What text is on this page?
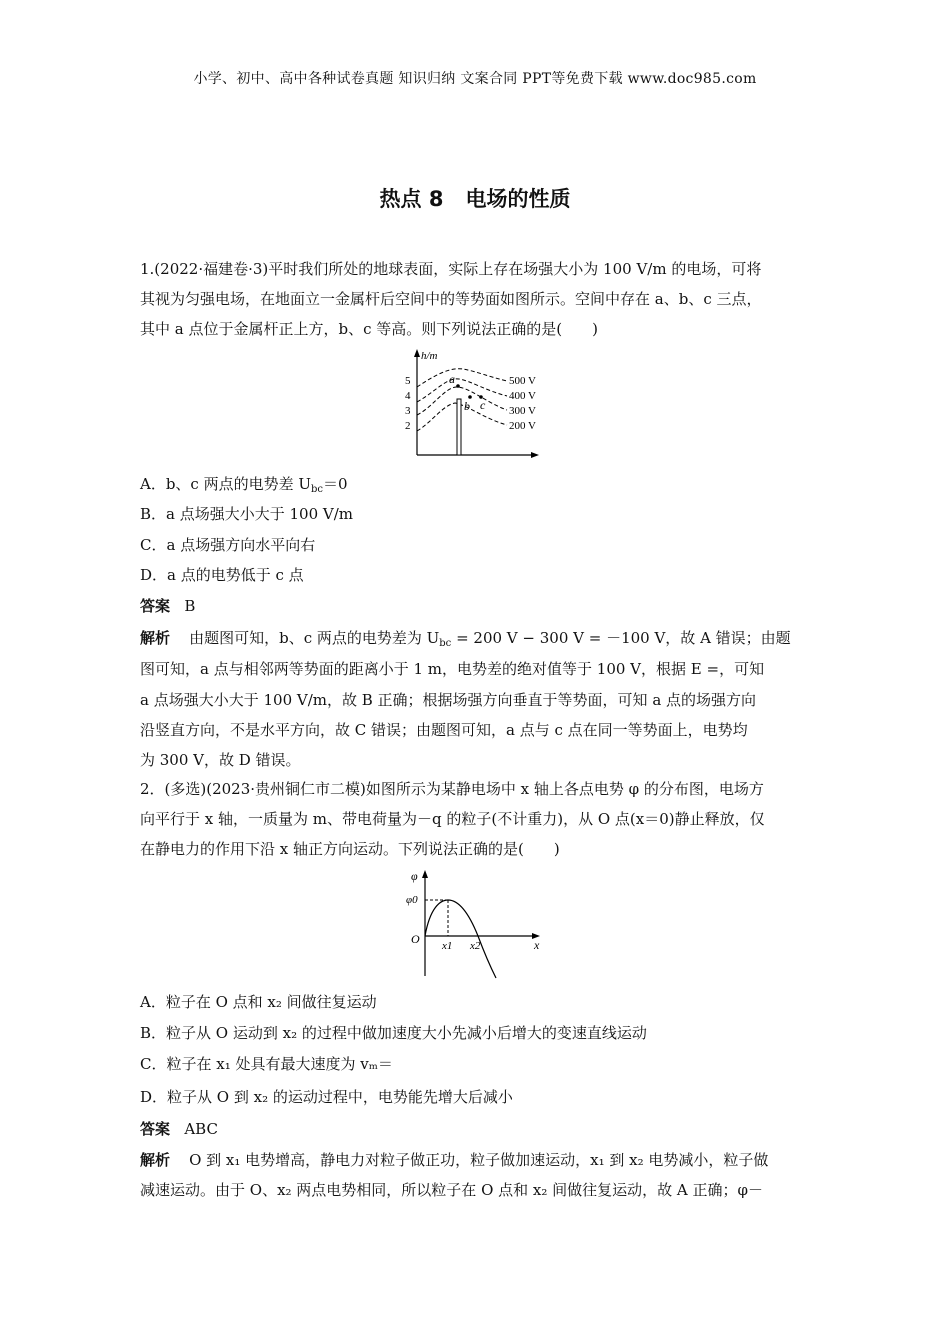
小学、初中、高中各种试卷真题 知识归纳 文案合同 PPT等免费下载 www.doc985.com
热点 8 电场的性质
1.(2022·福建卷·3)平时我们所处的地球表面，实际上存在场强大小为 100 V/m 的电场，可将
其视为匀强电场，在地面立一金属杆后空间中的等势面如图所示。空间中存在 a、b、c 三点，
其中 a 点位于金属杆正上方，b、c 等高。则下列说法正确的是(　　)
h/m
5
4
3
2
a
b c
500 V
400 V
300 V
200 V
A．b、c 两点的电势差 $U_{bc}=0$
B．a 点场强大小大于 100 V/m
C．a 点场强方向水平向右
D．a 点的电势低于 c 点
答案 B
解析 由题图可知，b、c 两点的电势差为 $U_{bc} = 200$ V − 300 V = －100 V，故 A 错误；由题
图可知，a 点与相邻两等势面的距离小于 1 m，电势差的绝对值等于 100 V，根据 E =，可知
a 点场强大小大于 100 V/m，故 B 正确；根据场强方向垂直于等势面，可知 a 点的场强方向
沿竖直方向，不是水平方向，故 C 错误；由题图可知，a 点与 c 点在同一等势面上，电势均
为 300 V，故 D 错误。
2．(多选)(2023·贵州铜仁市二模)如图所示为某静电场中 x 轴上各点电势 φ 的分布图，电场方
向平行于 x 轴，一质量为 m、带电荷量为－q 的粒子(不计重力)，从 O 点(x＝0)静止释放，仅
在静电力的作用下沿 x 轴正方向运动。下列说法正确的是(　　)
φ
φ0
O x1 x2	x
A．粒子在 O 点和 x₂ 间做往复运动
B．粒子从 O 运动到 x₂ 的过程中做加速度大小先减小后增大的变速直线运动
C．粒子在 x₁ 处具有最大速度为 vₘ＝
D．粒子从 O 到 x₂ 的运动过程中，电势能先增大后减小
答案 ABC
解析 O 到 x₁ 电势增高，静电力对粒子做正功，粒子做加速运动，x₁ 到 x₂ 电势减小，粒子做
减速运动。由于 O、x₂ 两点电势相同，所以粒子在 O 点和 x₂ 间做往复运动，故 A 正确；φ－
